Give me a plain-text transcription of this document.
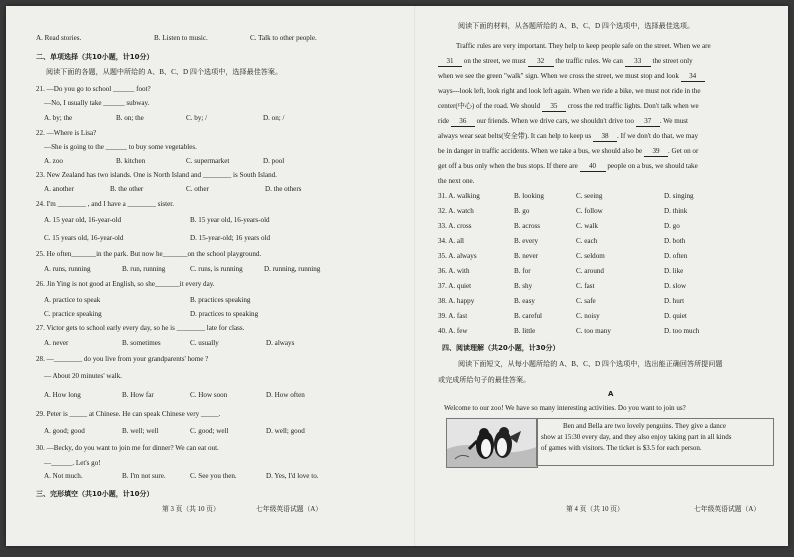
A. Read stories.	B. Listen to music.	C. Talk to other people.
二、单项选择（共10小题，计10分）
阅读下面的各题，从题中所给的 A、B、C、D 四个选项中，选择最佳答案。
21. —Do you go to school ______ foot?
—No, I usually take ______ subway.
A. by; the	B. on; the	C. by; /	D. on; /
22. —Where is Lisa?
—She is going to the ______ to buy some vegetables.
A. zoo	B. kitchen	C. supermarket	D. pool
23. New Zealand has two islands. One is North Island and ________ is South Island.
A. another	B. the other	C. other	D. the others
24. I'm ________ , and I have a ________ sister.
A. 15 year old, 16-year-old	B. 15 year old, 16-years-old
C. 15 years old, 16-year-old	D. 15-year-old; 16 years old
25. He often_______in the park. But now he_______on the school playground.
A. runs, running	B. run, running	C. runs, is running	D. running, running
26. Jin Ying is not good at English, so she_______it every day.
A. practice to speak	B. practices speaking
C. practice speaking	D. practices to speaking
27. Victor gets to school early every day, so he is ________ late for class.
A. never	B. sometimes	C. usually	D. always
28. —________ do you live from your grandparents' home ?
— About 20 minutes' walk.
A. How long	B. How far	C. How soon	D. How often
29. Peter is _____ at Chinese. He can speak Chinese very _____.
A. good; good	B. well; well	C. good; well	D. well; good
30. —Becky, do you want to join me for dinner? We can eat out.
—______. Let's go!
A. Not much.	B. I'm not sure.	C. See you then.	D. Yes, I'd love to.
三、完形填空（共10小题，计10分）
第 3 页（共 10 页）	七年级英语试题（A）
阅读下面的材料，从各题所给的 A、B、C、D 四个选项中，选择最佳选项。
Traffic rules are very important. They help to keep people safe on the street. When we are
31 on the street, we must 32 the traffic rules. We can 33 the street only
when we see the green "walk" sign. When we cross the street, we must stop and look 34
ways---look left, look right and look left again. When we ride a bike, we must not ride in the
center(中心) of the road. We should 35 cross the red traffic lights. Don't talk when we
ride 36 our friends. When we drive cars, we shouldn't drive too 37 . We must
always wear seat belts(安全带). It can help to keep us 38 . If we don't do that, we may
be in danger in traffic accidents. When we take a bus, we should also be 39 . Get on or
get off a bus only when the bus stops. If there are 40 people on a bus, we should take
the next one.
31. A. walking	B. looking	C. seeing	D. singing
32. A. watch	B. go	C. follow	D. think
33. A. cross	B. across	C. walk	D. go
34. A. all	B. every	C. each	D. both
35. A. always	B. never	C. seldom	D. often
36. A. with	B. for	C. around	D. like
37. A. quiet	B. shy	C. fast	D. slow
38. A. happy	B. easy	C. safe	D. hurt
39. A. fast	B. careful	C. noisy	D. quiet
40. A. few	B. little	C. too many	D. too much
四、阅读理解（共20小题，计30分）
阅读下面短文，从每小题所给的 A、B、C、D 四个选项中，选出能正确回答所提问题
或完成所给句子的最佳答案。
A
Welcome to our zoo! We have so many interesting activities. Do you want to join us?
第 4 页（共 10 页）	七年级英语试题（A）
Ben and Bella are two lovely penguins. They give a dance
show at 15:30 every day, and they also enjoy taking part in all kinds
of games with visitors. The ticket is $3.5 for each person.
